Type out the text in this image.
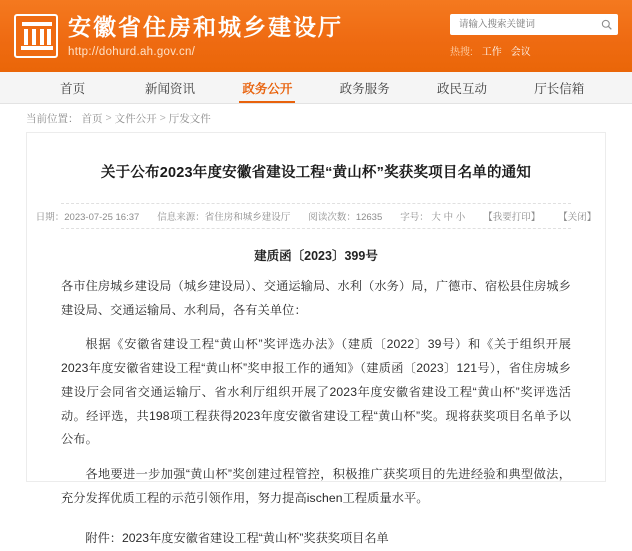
安徽省住房和城乡建设厅
http://dohurd.ah.gov.cn/
请输入搜索关键词	热搜: 工作 会议
首页	新闻资讯	政务公开	政务服务	政民互动	厅长信箱
当前位置： 首页 > 文件公开 > 厅发文件
关于公布2023年度安徽省建设工程“黄山杯”奖获奖项目名单的通知
日期：2023-07-25 16:37 信息来源：省住房和城乡建设厅 阅读次数：12635 字号： 大 中 小 【我要打印】 【关闭】
建质函〔2023〕399号
各市住房城乡建设局（城乡建设局）、交通运输局、水利（水务）局，广德市、宿松县住房城乡建设局、交通运输局、水利局，各有关单位：
根据《安徽省建设工程“黄山杯”奖评选办法》（建质〔2022〕39号）和《关于组织开展2023年度安徽省建设工程“黄山杯”奖申报工作的通知》（建质函〔2023〕121号），省住房城乡建设厅会同省交通运输厅、省水利厅组织开展了2023年度安徽省建设工程“黄山杯”奖评选活动。经评选，共198项工程获得2023年度安徽省建设工程“黄山杯”奖。现将获奖项目名单予以公布。
各地要进一步加强“黄山杯”奖创建过程管控，积极推广获奖项目的先进经验和典型做法，充分发挥优质工程的示范引领作用，努力提高ischen工程质量水平。
附件：2023年度安徽省建设工程“黄山杯”奖获奖项目名单
